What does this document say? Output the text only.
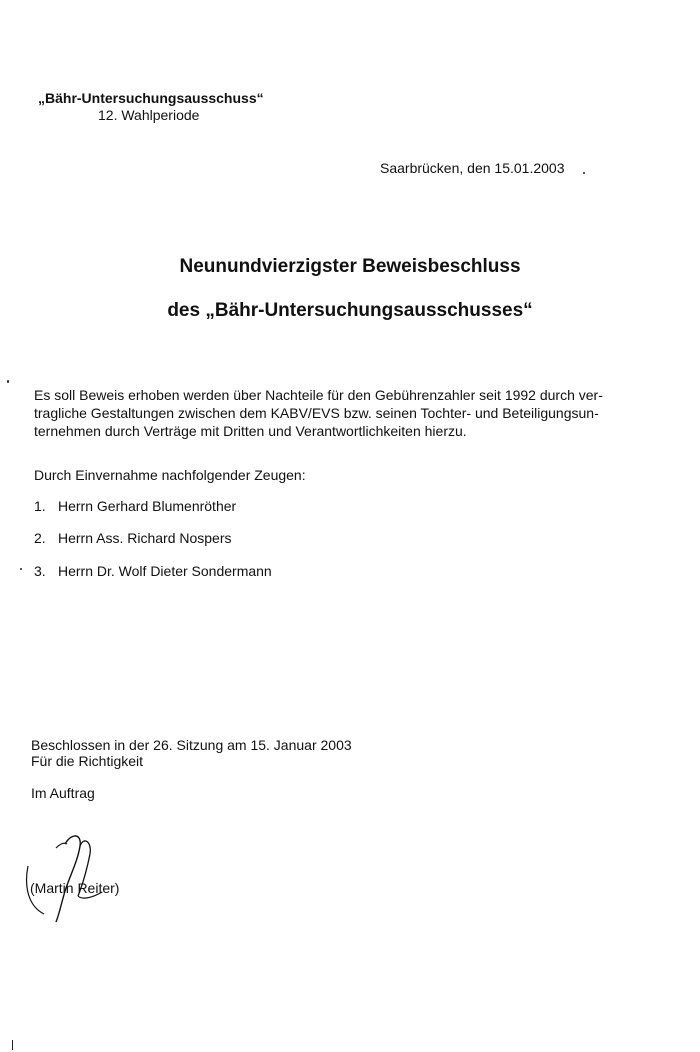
„Bähr-Untersuchungsausschuss“
12. Wahlperiode
Saarbrücken, den 15.01.2003
Neunundvierzigster Beweisbeschluss
des „Bähr-Untersuchungsausschusses“
Es soll Beweis erhoben werden über Nachteile für den Gebührenzahler seit 1992 durch ver-
tragliche Gestaltungen zwischen dem KABV/EVS bzw. seinen Tochter- und Beteiligungsun-
ternehmen durch Verträge mit Dritten und Verantwortlichkeiten hierzu.
Durch Einvernahme nachfolgender Zeugen:
1. Herrn Gerhard Blumenröther
2. Herrn Ass. Richard Nospers
3. Herrn Dr. Wolf Dieter Sondermann
Beschlossen in der 26. Sitzung am 15. Januar 2003
Für die Richtigkeit
Im Auftrag
(Martin Reiter)
